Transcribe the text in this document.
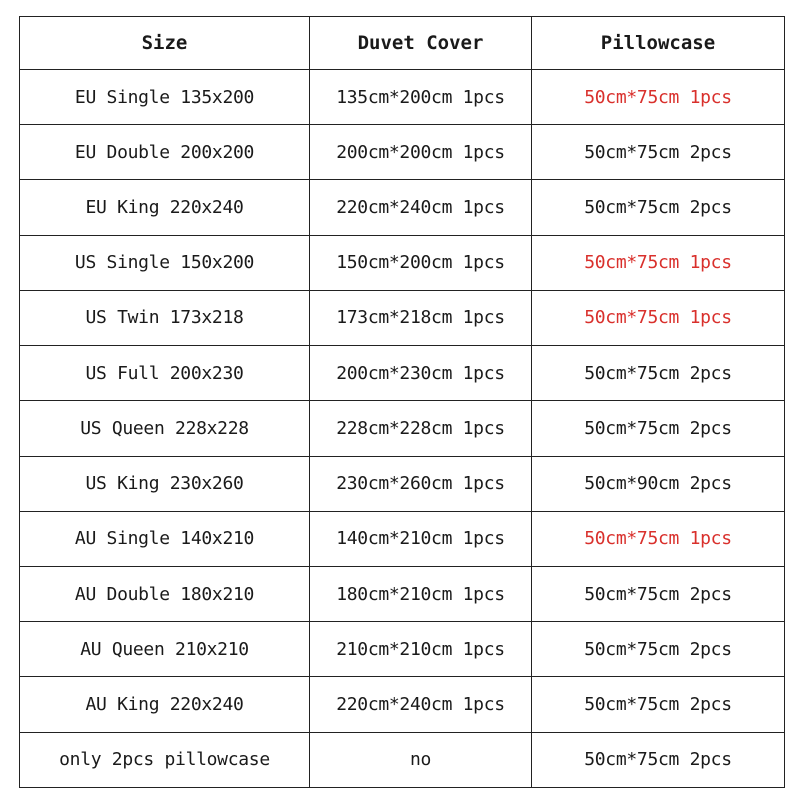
Size	Duvet Cover	Pillowcase
EU Single 135x200	135cm*200cm 1pcs	50cm*75cm 1pcs
EU Double 200x200	200cm*200cm 1pcs	50cm*75cm 2pcs
EU King 220x240	220cm*240cm 1pcs	50cm*75cm 2pcs
US Single 150x200	150cm*200cm 1pcs	50cm*75cm 1pcs
US Twin 173x218	173cm*218cm 1pcs	50cm*75cm 1pcs
US Full 200x230	200cm*230cm 1pcs	50cm*75cm 2pcs
US Queen 228x228	228cm*228cm 1pcs	50cm*75cm 2pcs
US King 230x260	230cm*260cm 1pcs	50cm*90cm 2pcs
AU Single 140x210	140cm*210cm 1pcs	50cm*75cm 1pcs
AU Double 180x210	180cm*210cm 1pcs	50cm*75cm 2pcs
AU Queen 210x210	210cm*210cm 1pcs	50cm*75cm 2pcs
AU King 220x240	220cm*240cm 1pcs	50cm*75cm 2pcs
only 2pcs pillowcase	no	50cm*75cm 2pcs
